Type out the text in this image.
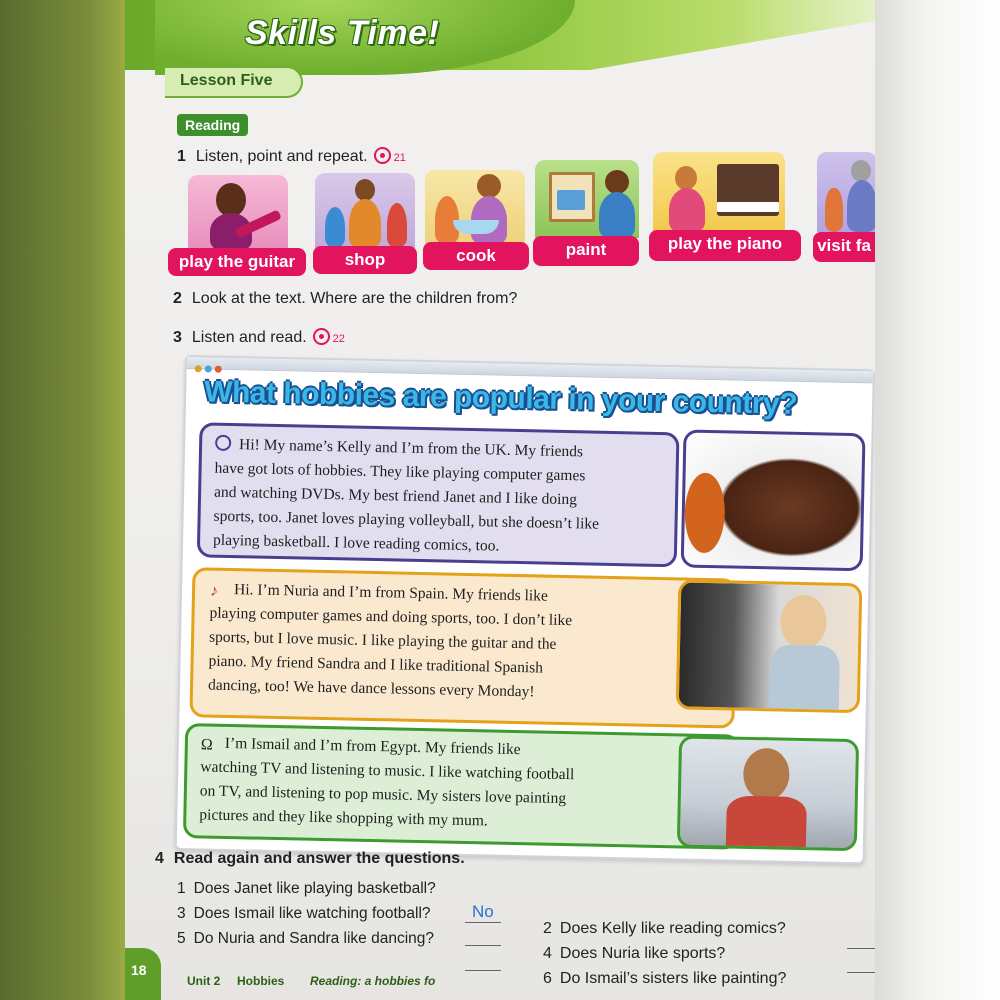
Skills Time!
Lesson Five
Reading
1 Listen, point and repeat. 21
play the guitar	shop	cook	paint	play the piano	visit fa
2 Look at the text. Where are the children from?
3 Listen and read. 22
What hobbies are popular in your country?
Hi! My name’s Kelly and I’m from the UK. My friends
have got lots of hobbies. They like playing computer games
and watching DVDs. My best friend Janet and I like doing
sports, too. Janet loves playing volleyball, but she doesn’t like
playing basketball. I love reading comics, too.
♪ Hi. I’m Nuria and I’m from Spain. My friends like
playing computer games and doing sports, too. I don’t like
sports, but I love music. I like playing the guitar and the
piano. My friend Sandra and I like traditional Spanish
dancing, too! We have dance lessons every Monday!
Ω I’m Ismail and I’m from Egypt. My friends like
watching TV and listening to music. I like watching football
on TV, and listening to pop music. My sisters love painting
pictures and they like shopping with my mum.
4 Read again and answer the questions.
1 Does Janet like playing basketball?
No
3 Does Ismail like watching football?
5 Do Nuria and Sandra like dancing?
2 Does Kelly like reading comics?
4 Does Nuria like sports?
6 Do Ismail’s sisters like painting?
18
Unit 2 Hobbies Reading: a hobbies fo
